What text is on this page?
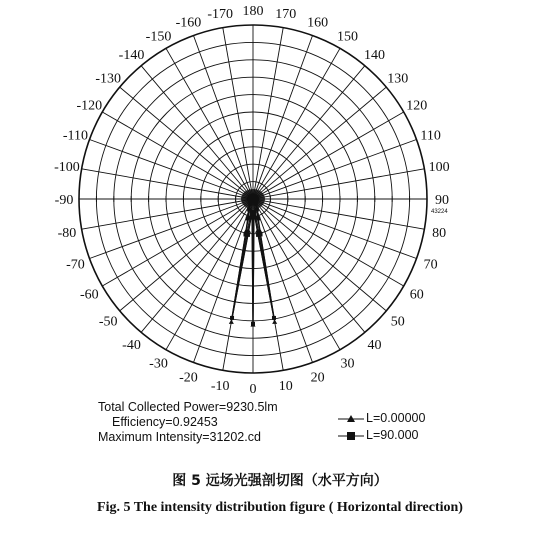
180 170
160
150
140
130
120
110
100
90
80
70
60
50
40
30
20
10
0
-10
-20
-30
-40
-50
-60
-70
-80
-90
-100
-110
-120
-130
-140
-150
-160
-170
43224
Total Collected Power=9230.5lm
Efficiency=0.92453
Maximum Intensity=31202.cd
L=0.00000
L=90.000
图 5 远场光强剖切图（水平方向）
Fig. 5 The intensity distribution figure ( Horizontal direction)
